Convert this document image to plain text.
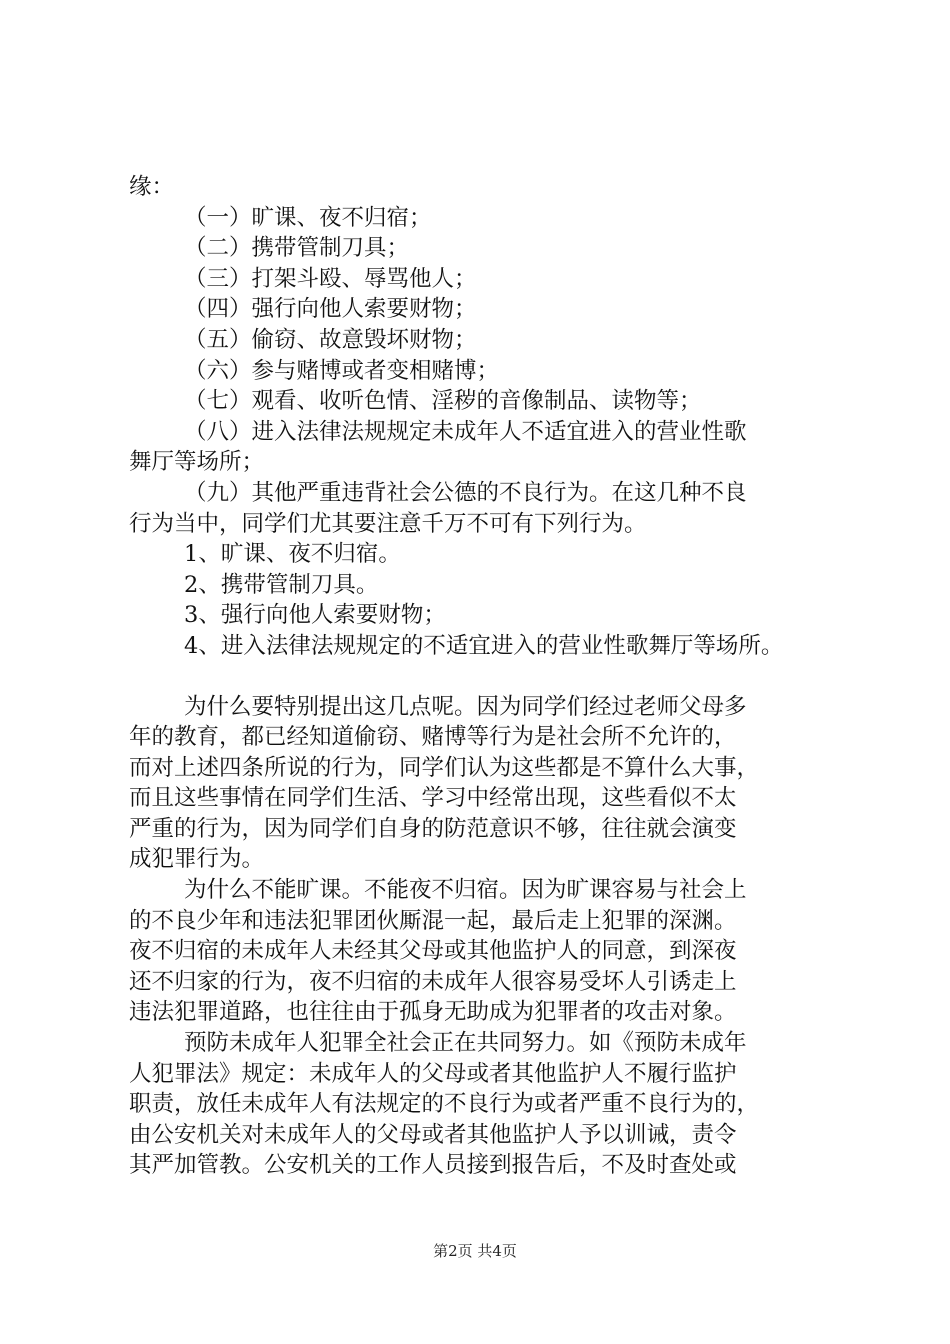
缘：
（一）旷课、夜不归宿；
（二）携带管制刀具；
（三）打架斗殴、辱骂他人；
（四）强行向他人索要财物；
（五）偷窃、故意毁坏财物；
（六）参与赌博或者变相赌博；
（七）观看、收听色情、淫秽的音像制品、读物等；
（八）进入法律法规规定未成年人不适宜进入的营业性歌
舞厅等场所；
（九）其他严重违背社会公德的不良行为。在这几种不良
行为当中，同学们尤其要注意千万不可有下列行为。
1、旷课、夜不归宿。
2、携带管制刀具。
3、强行向他人索要财物；
4、进入法律法规规定的不适宜进入的营业性歌舞厅等场所。
为什么要特别提出这几点呢。因为同学们经过老师父母多
年的教育，都已经知道偷窃、赌博等行为是社会所不允许的，
而对上述四条所说的行为，同学们认为这些都是不算什么大事，
而且这些事情在同学们生活、学习中经常出现，这些看似不太
严重的行为，因为同学们自身的防范意识不够，往往就会演变
成犯罪行为。
为什么不能旷课。不能夜不归宿。因为旷课容易与社会上
的不良少年和违法犯罪团伙厮混一起，最后走上犯罪的深渊。
夜不归宿的未成年人未经其父母或其他监护人的同意，到深夜
还不归家的行为，夜不归宿的未成年人很容易受坏人引诱走上
违法犯罪道路，也往往由于孤身无助成为犯罪者的攻击对象。
预防未成年人犯罪全社会正在共同努力。如《预防未成年
人犯罪法》规定：未成年人的父母或者其他监护人不履行监护
职责，放任未成年人有法规定的不良行为或者严重不良行为的，
由公安机关对未成年人的父母或者其他监护人予以训诫，责令
其严加管教。公安机关的工作人员接到报告后，不及时查处或
第2页 共4页
